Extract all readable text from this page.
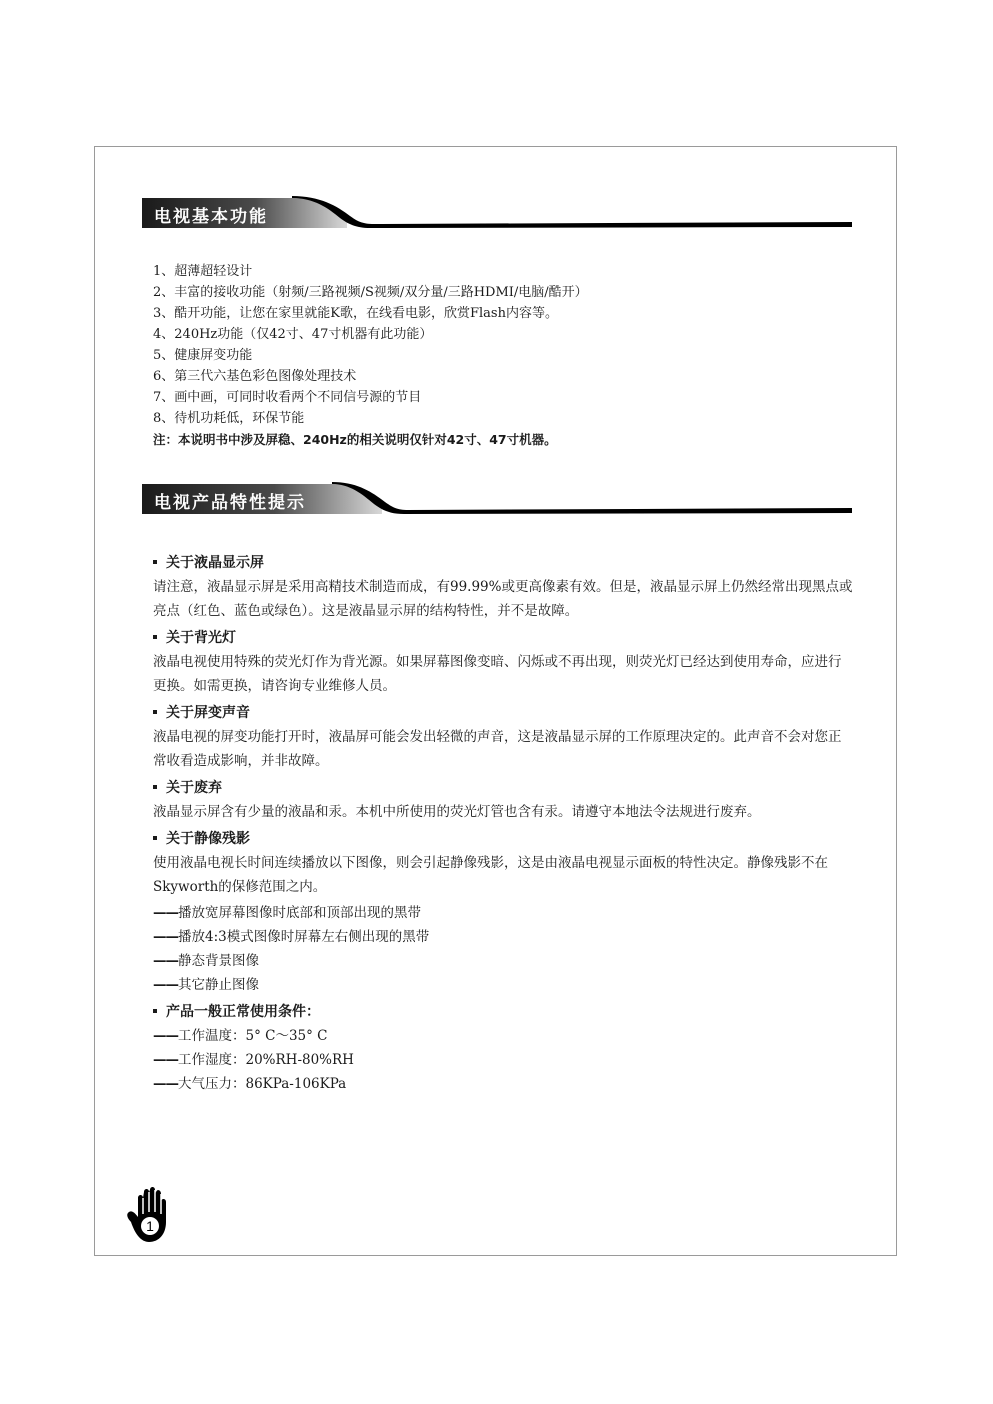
电视基本功能
1、超薄超轻设计
2、丰富的接收功能（射频/三路视频/S视频/双分量/三路HDMI/电脑/酷开）
3、酷开功能，让您在家里就能K歌，在线看电影，欣赏Flash内容等。
4、240Hz功能（仅42寸、47寸机器有此功能）
5、健康屏变功能
6、第三代六基色彩色图像处理技术
7、画中画，可同时收看两个不同信号源的节目
8、待机功耗低，环保节能
注：本说明书中涉及屏稳、240Hz的相关说明仅针对42寸、47寸机器。
电视产品特性提示
关于液晶显示屏
请注意，液晶显示屏是采用高精技术制造而成，有99.99%或更高像素有效。但是，液晶显示屏上仍然经常出现黑点或亮点（红色、蓝色或绿色）。这是液晶显示屏的结构特性，并不是故障。
关于背光灯
液晶电视使用特殊的荧光灯作为背光源。如果屏幕图像变暗、闪烁或不再出现，则荧光灯已经达到使用寿命，应进行更换。如需更换，请咨询专业维修人员。
关于屏变声音
液晶电视的屏变功能打开时，液晶屏可能会发出轻微的声音，这是液晶显示屏的工作原理决定的。此声音不会对您正常收看造成影响，并非故障。
关于废弃
液晶显示屏含有少量的液晶和汞。本机中所使用的荧光灯管也含有汞。请遵守本地法令法规进行废弃。
关于静像残影
使用液晶电视长时间连续播放以下图像，则会引起静像残影，这是由液晶电视显示面板的特性决定。静像残影不在Skyworth的保修范围之内。
——播放宽屏幕图像时底部和顶部出现的黑带
——播放4:3模式图像时屏幕左右侧出现的黑带
——静态背景图像
——其它静止图像
产品一般正常使用条件：
——工作温度：5° C～35° C
——工作湿度：20%RH-80%RH
——大气压力：86KPa-106KPa
1
